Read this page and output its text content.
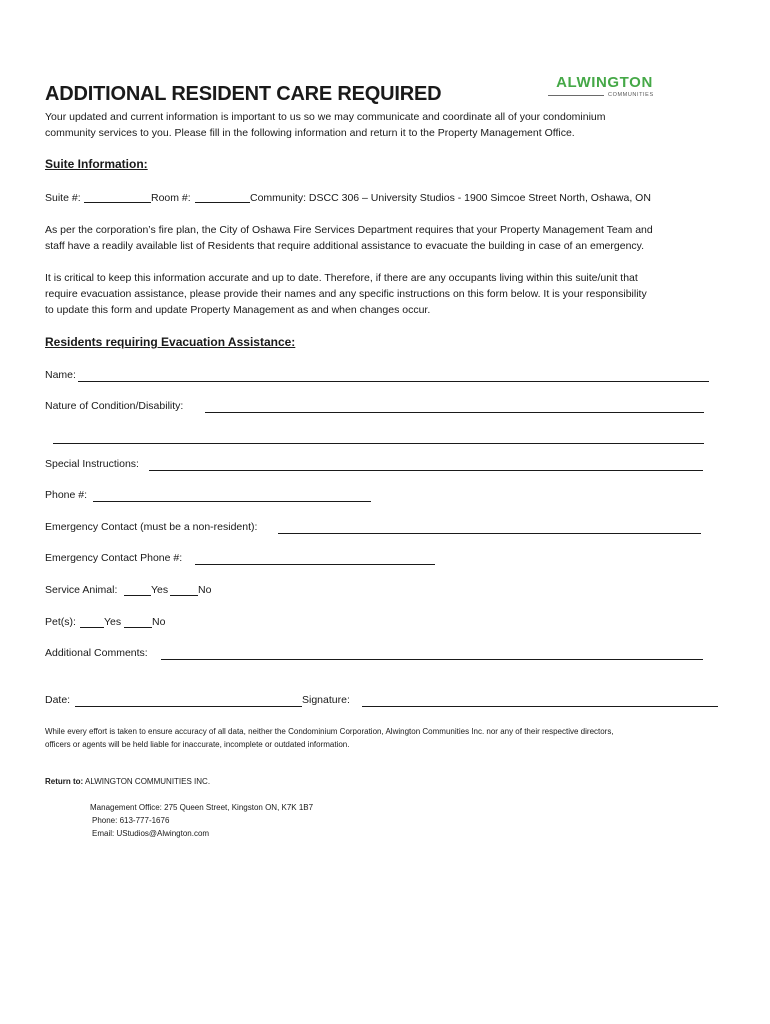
ADDITIONAL RESIDENT CARE REQUIRED
ALWINGTON
COMMUNITIES
Your updated and current information is important to us so we may communicate and coordinate all of your condominium
community services to you. Please fill in the following information and return it to the Property Management Office.
Suite Information:
Suite #:	Room #:	Community: DSCC 306 – University Studios - 1900 Simcoe Street North, Oshawa, ON
As per the corporation’s fire plan, the City of Oshawa Fire Services Department requires that your Property Management Team and
staff have a readily available list of Residents that require additional assistance to evacuate the building in case of an emergency.
It is critical to keep this information accurate and up to date. Therefore, if there are any occupants living within this suite/unit that
require evacuation assistance, please provide their names and any specific instructions on this form below. It is your responsibility
to update this form and update Property Management as and when changes occur.
Residents requiring Evacuation Assistance:
Name:
Nature of Condition/Disability:
Special Instructions:
Phone #:
Emergency Contact (must be a non-resident):
Emergency Contact Phone #:
Service Animal:	Yes	No
Pet(s):	Yes	No
Additional Comments:
Date:	Signature:
While every effort is taken to ensure accuracy of all data, neither the Condominium Corporation, Alwington Communities Inc. nor any of their respective directors,
officers or agents will be held liable for inaccurate, incomplete or outdated information.
Return to: ALWINGTON COMMUNITIES INC.
Management Office: 275 Queen Street, Kingston ON, K7K 1B7
Phone: 613-777-1676
Email: UStudios@Alwington.com
